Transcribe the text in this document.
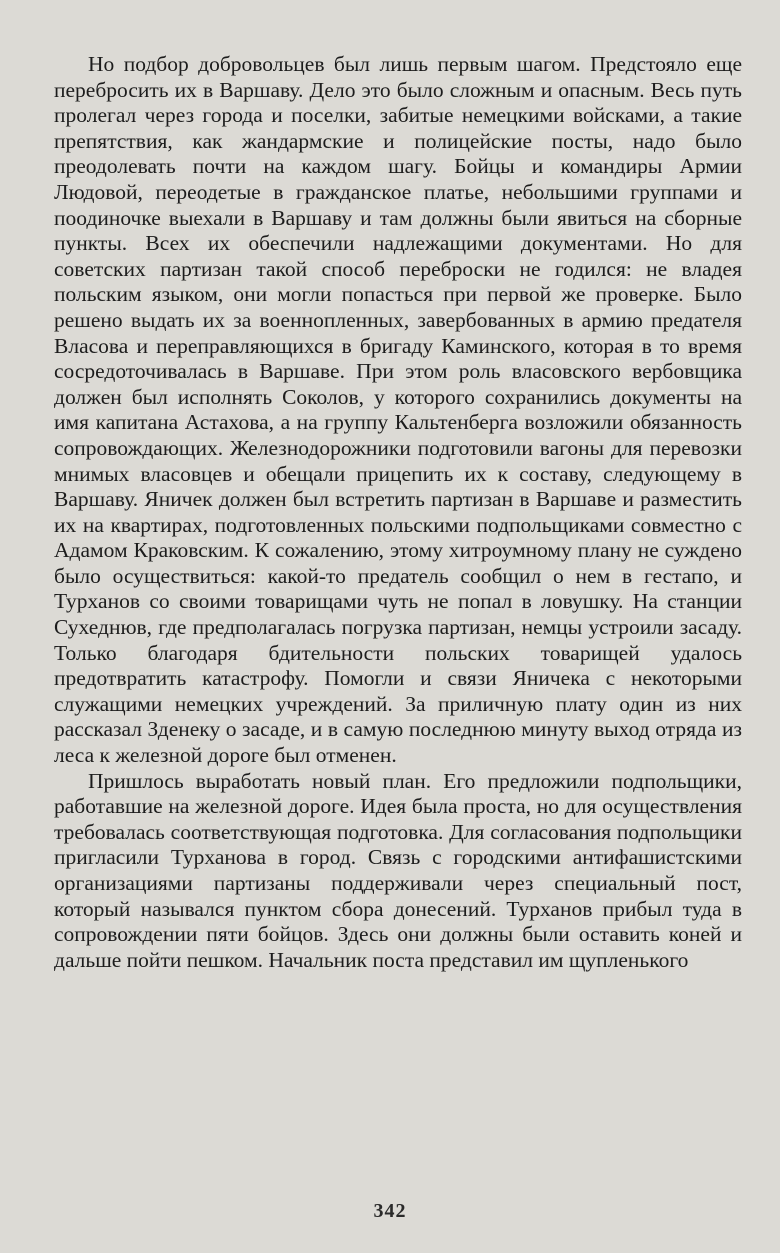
Но подбор добровольцев был лишь первым шагом. Предстояло еще перебросить их в Варшаву. Дело это было сложным и опасным. Весь путь пролегал через города и поселки, забитые немецкими войсками, а такие препятствия, как жандармские и полицейские посты, надо было преодолевать почти на каждом шагу. Бойцы и командиры Армии Людовой, переодетые в гражданское платье, небольшими группами и поодиночке выехали в Варшаву и там должны были явиться на сборные пункты. Всех их обеспечили надлежащими документами. Но для советских партизан такой способ переброски не годился: не владея польским языком, они могли попасться при первой же проверке. Было решено выдать их за военнопленных, завербованных в армию предателя Власова и переправляющихся в бригаду Каминского, которая в то время сосредоточивалась в Варшаве. При этом роль власовского вербовщика должен был исполнять Соколов, у которого сохранились документы на имя капитана Астахова, а на группу Кальтенберга возложили обязанность сопровождающих. Железнодорожники подготовили вагоны для перевозки мнимых власовцев и обещали прицепить их к составу, следующему в Варшаву. Яничек должен был встретить партизан в Варшаве и разместить их на квартирах, подготовленных польскими подпольщиками совместно с Адамом Краковским. К сожалению, этому хитроумному плану не суждено было осуществиться: какой-то предатель сообщил о нем в гестапо, и Турханов со своими товарищами чуть не попал в ловушку. На станции Сухеднюв, где предполагалась погрузка партизан, немцы устроили засаду. Только благодаря бдительности польских товарищей удалось предотвратить катастрофу. Помогли и связи Яничека с некоторыми служащими немецких учреждений. За приличную плату один из них рассказал Зденеку о засаде, и в самую последнюю минуту выход отряда из леса к железной дороге был отменен.

Пришлось выработать новый план. Его предложили подпольщики, работавшие на железной дороге. Идея была проста, но для осуществления требовалась соответствующая подготовка. Для согласования подпольщики пригласили Турханова в город. Связь с городскими антифашистскими организациями партизаны поддерживали через специальный пост, который назывался пунктом сбора донесений. Турханов прибыл туда в сопровождении пяти бойцов. Здесь они должны были оставить коней и дальше пойти пешком. Начальник поста представил им щупленького

342
